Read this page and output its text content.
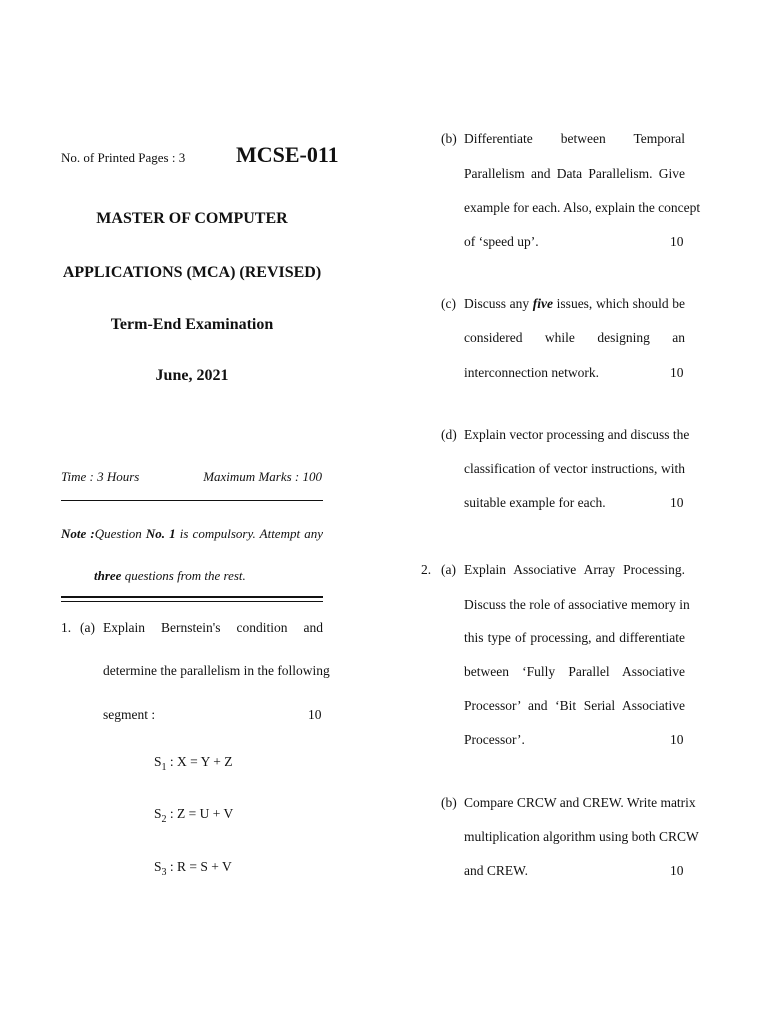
No. of Printed Pages : 3 MCSE-011
MASTER OF COMPUTER
APPLICATIONS (MCA) (REVISED)
Term-End Examination
June, 2021
Time : 3 Hours	Maximum Marks : 100
Note :Question No. 1 is compulsory. Attempt any
three questions from the rest.
1. (a) Explain Bernstein's condition and
determine the parallelism in the following
segment :	10
$S_1$ : X = Y + Z
$S_2$ : Z = U + V
$S_3$ : R = S + V
(b) Differentiate between Temporal
Parallelism and Data Parallelism. Give
example for each. Also, explain the concept
of ‘speed up’.	10
(c) Discuss any five issues, which should be
considered while designing an
interconnection network.	10
(d) Explain vector processing and discuss the
classification of vector instructions, with
suitable example for each.	10
2. (a) Explain Associative Array Processing.
Discuss the role of associative memory in
this type of processing, and differentiate
between ‘Fully Parallel Associative
Processor’ and ‘Bit Serial Associative
Processor’.	10
(b) Compare CRCW and CREW. Write matrix
multiplication algorithm using both CRCW
and CREW.	10
